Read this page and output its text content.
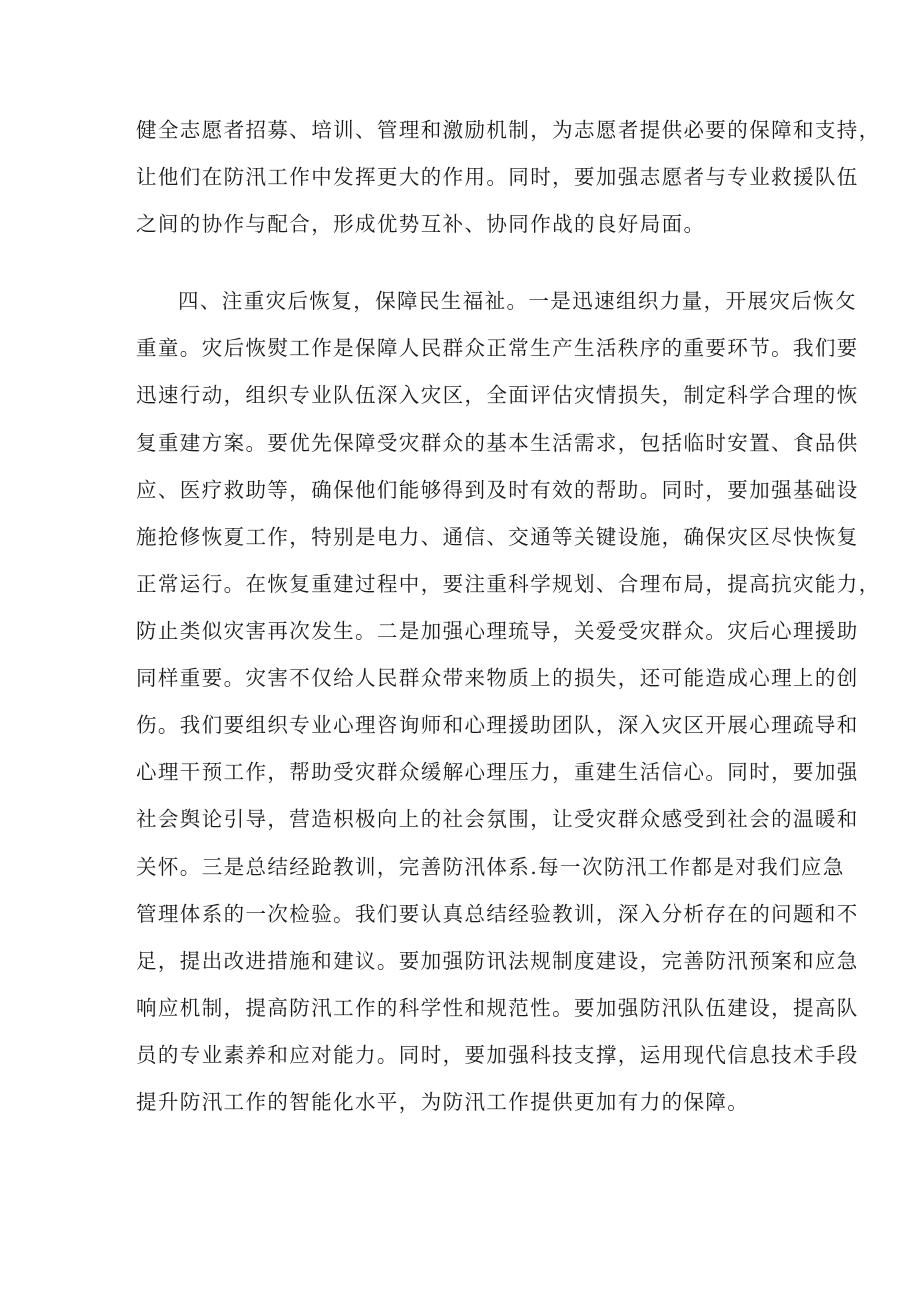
健全志愿者招募、培训、管理和激励机制，为志愿者提供必要的保障和支持，

让他们在防汛工作中发挥更大的作用。同时，要加强志愿者与专业救援队伍

之间的协作与配合，形成优势互补、协同作战的良好局面。

四、注重灾后恢复，保障民生福祉。一是迅速组织力量，开展灾后恢攵

重童。灾后恢熨工作是保障人民群众正常生产生活秩序的重要环节。我们要

迅速行动，组织专业队伍深入灾区，全面评估灾情损失，制定科学合理的恢

复重建方案。要优先保障受灾群众的基本生活需求，包括临时安置、食品供

应、医疗救助等，确保他们能够得到及时有效的帮助。同时，要加强基础设

施抢修恢夏工作，特别是电力、通信、交通等关键设施，确保灾区尽快恢复

正常运行。在恢复重建过程中，要注重科学规划、合理布局，提高抗灾能力，

防止类似灾害再次发生。二是加强心理琉导，关爱受灾群众。灾后心理援助

同样重要。灾害不仅给人民群众带来物质上的损失，还可能造成心理上的创

伤。我们要组织专业心理咨询师和心理援助团队，深入灾区开展心理疏导和

心理干预工作，帮助受灾群众缓解心理压力，重建生活信心。同时，要加强

社会舆论引导，营造枳极向上的社会氛围，让受灾群众感受到社会的温暖和

关怀。三是总结经跄教训，完善防汛体系.每一次防汛工作都是对我们应急

管理体系的一次检验。我们要认真总结经验教训，深入分析存在的问题和不

足，提出改进措施和建议。要加强防讯法规制度建设，完善防汛预案和应急

响应机制，提高防汛工作的科学性和规范性。要加强防汛队伍建设，提高队

员的专业素养和应对能力。同时，要加强科技支撑，运用现代信息技术手段

提升防汛工作的智能化水平，为防汛工作提供更加有力的保障。
